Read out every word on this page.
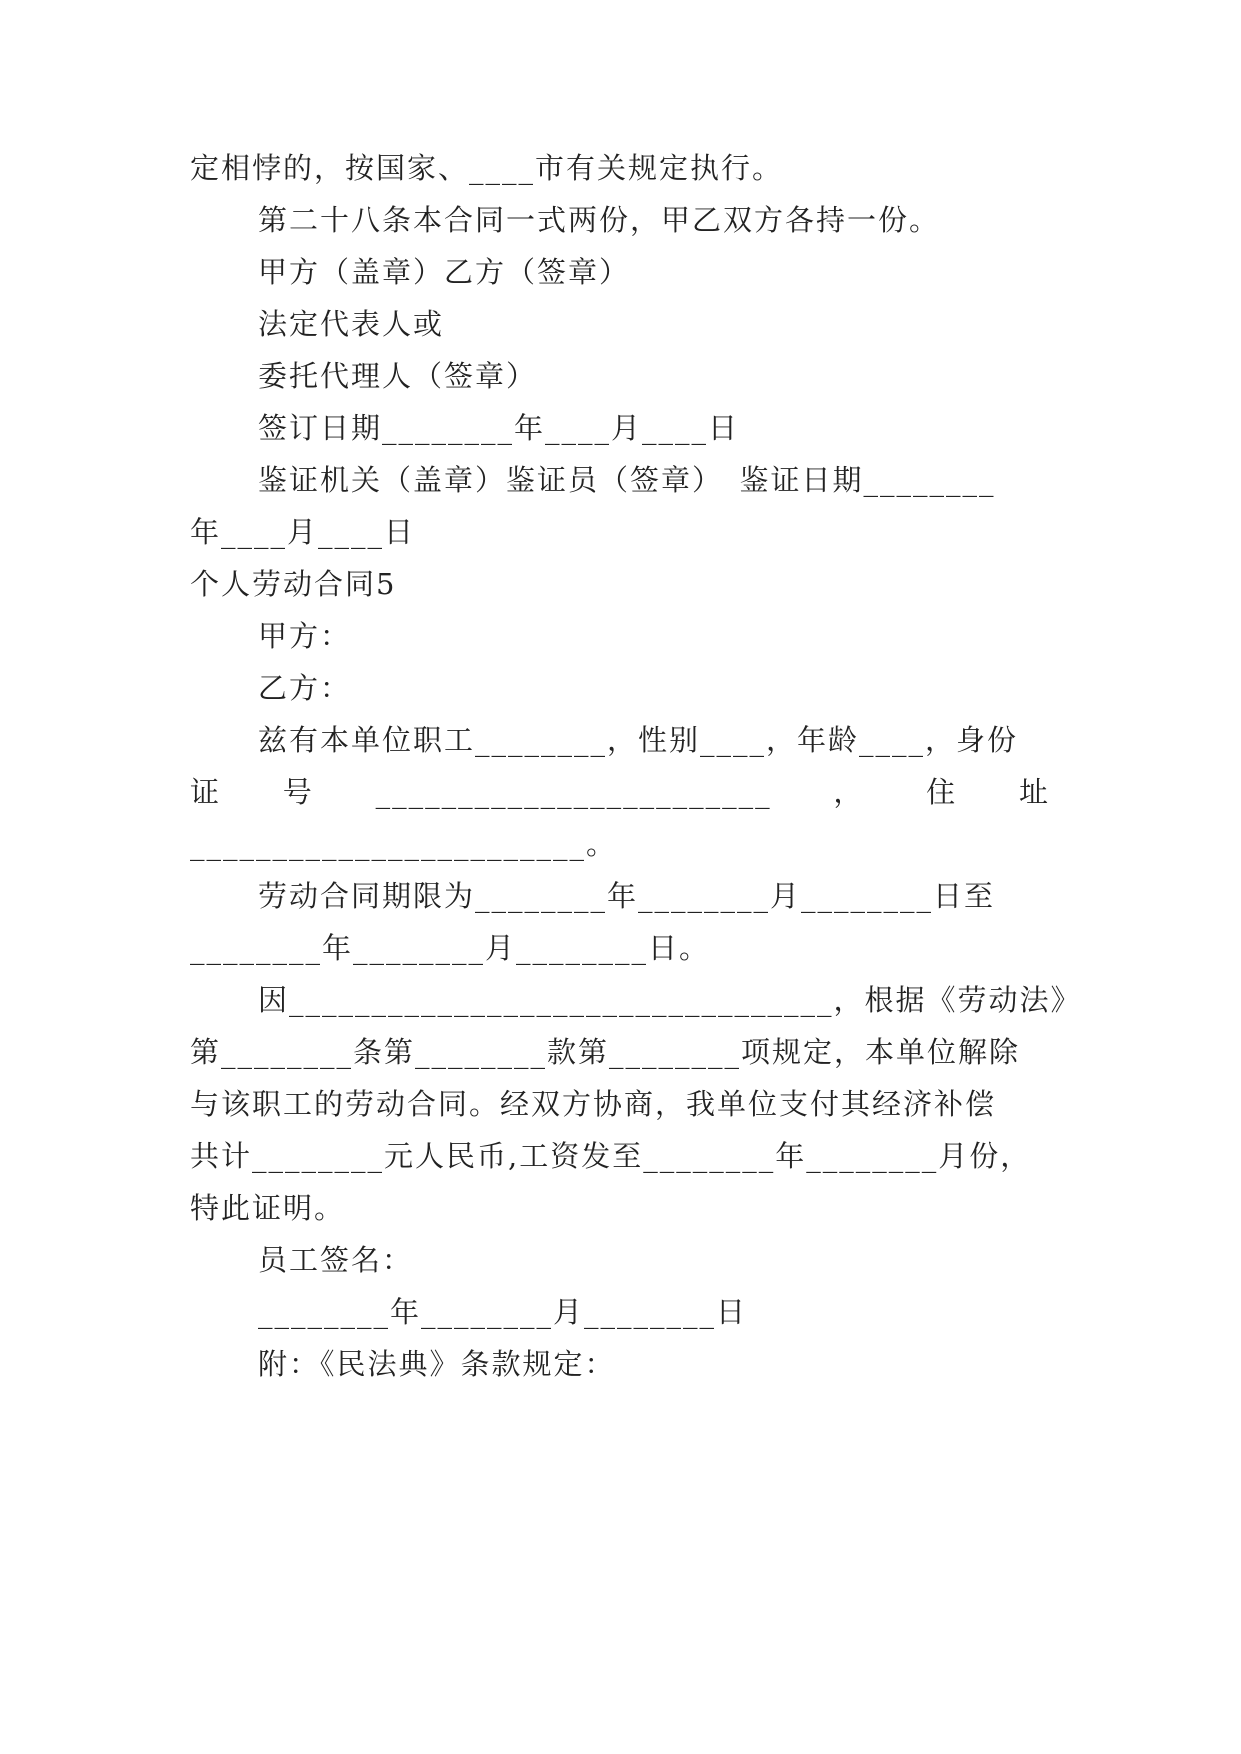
定相悖的，按国家、____市有关规定执行。
第二十八条本合同一式两份，甲乙双方各持一份。
甲方（盖章）乙方（签章）
法定代表人或
委托代理人（签章）
签订日期________年____月____日
鉴证机关（盖章）鉴证员（签章）　鉴证日期________
年____月____日
个人劳动合同5
甲方：
乙方：
兹有本单位职工________，性别____，年龄____，身份
证 号 ________________________ ， 住 址
________________________。
劳动合同期限为________年________月________日至
________年________月________日。
因_________________________________，根据《劳动法》
第________条第________款第________项规定，本单位解除
与该职工的劳动合同。经双方协商，我单位支付其经济补偿
共计________元人民币,工资发至________年________月份，
特此证明。
员工签名：
________年________月________日
附：《民法典》条款规定：
